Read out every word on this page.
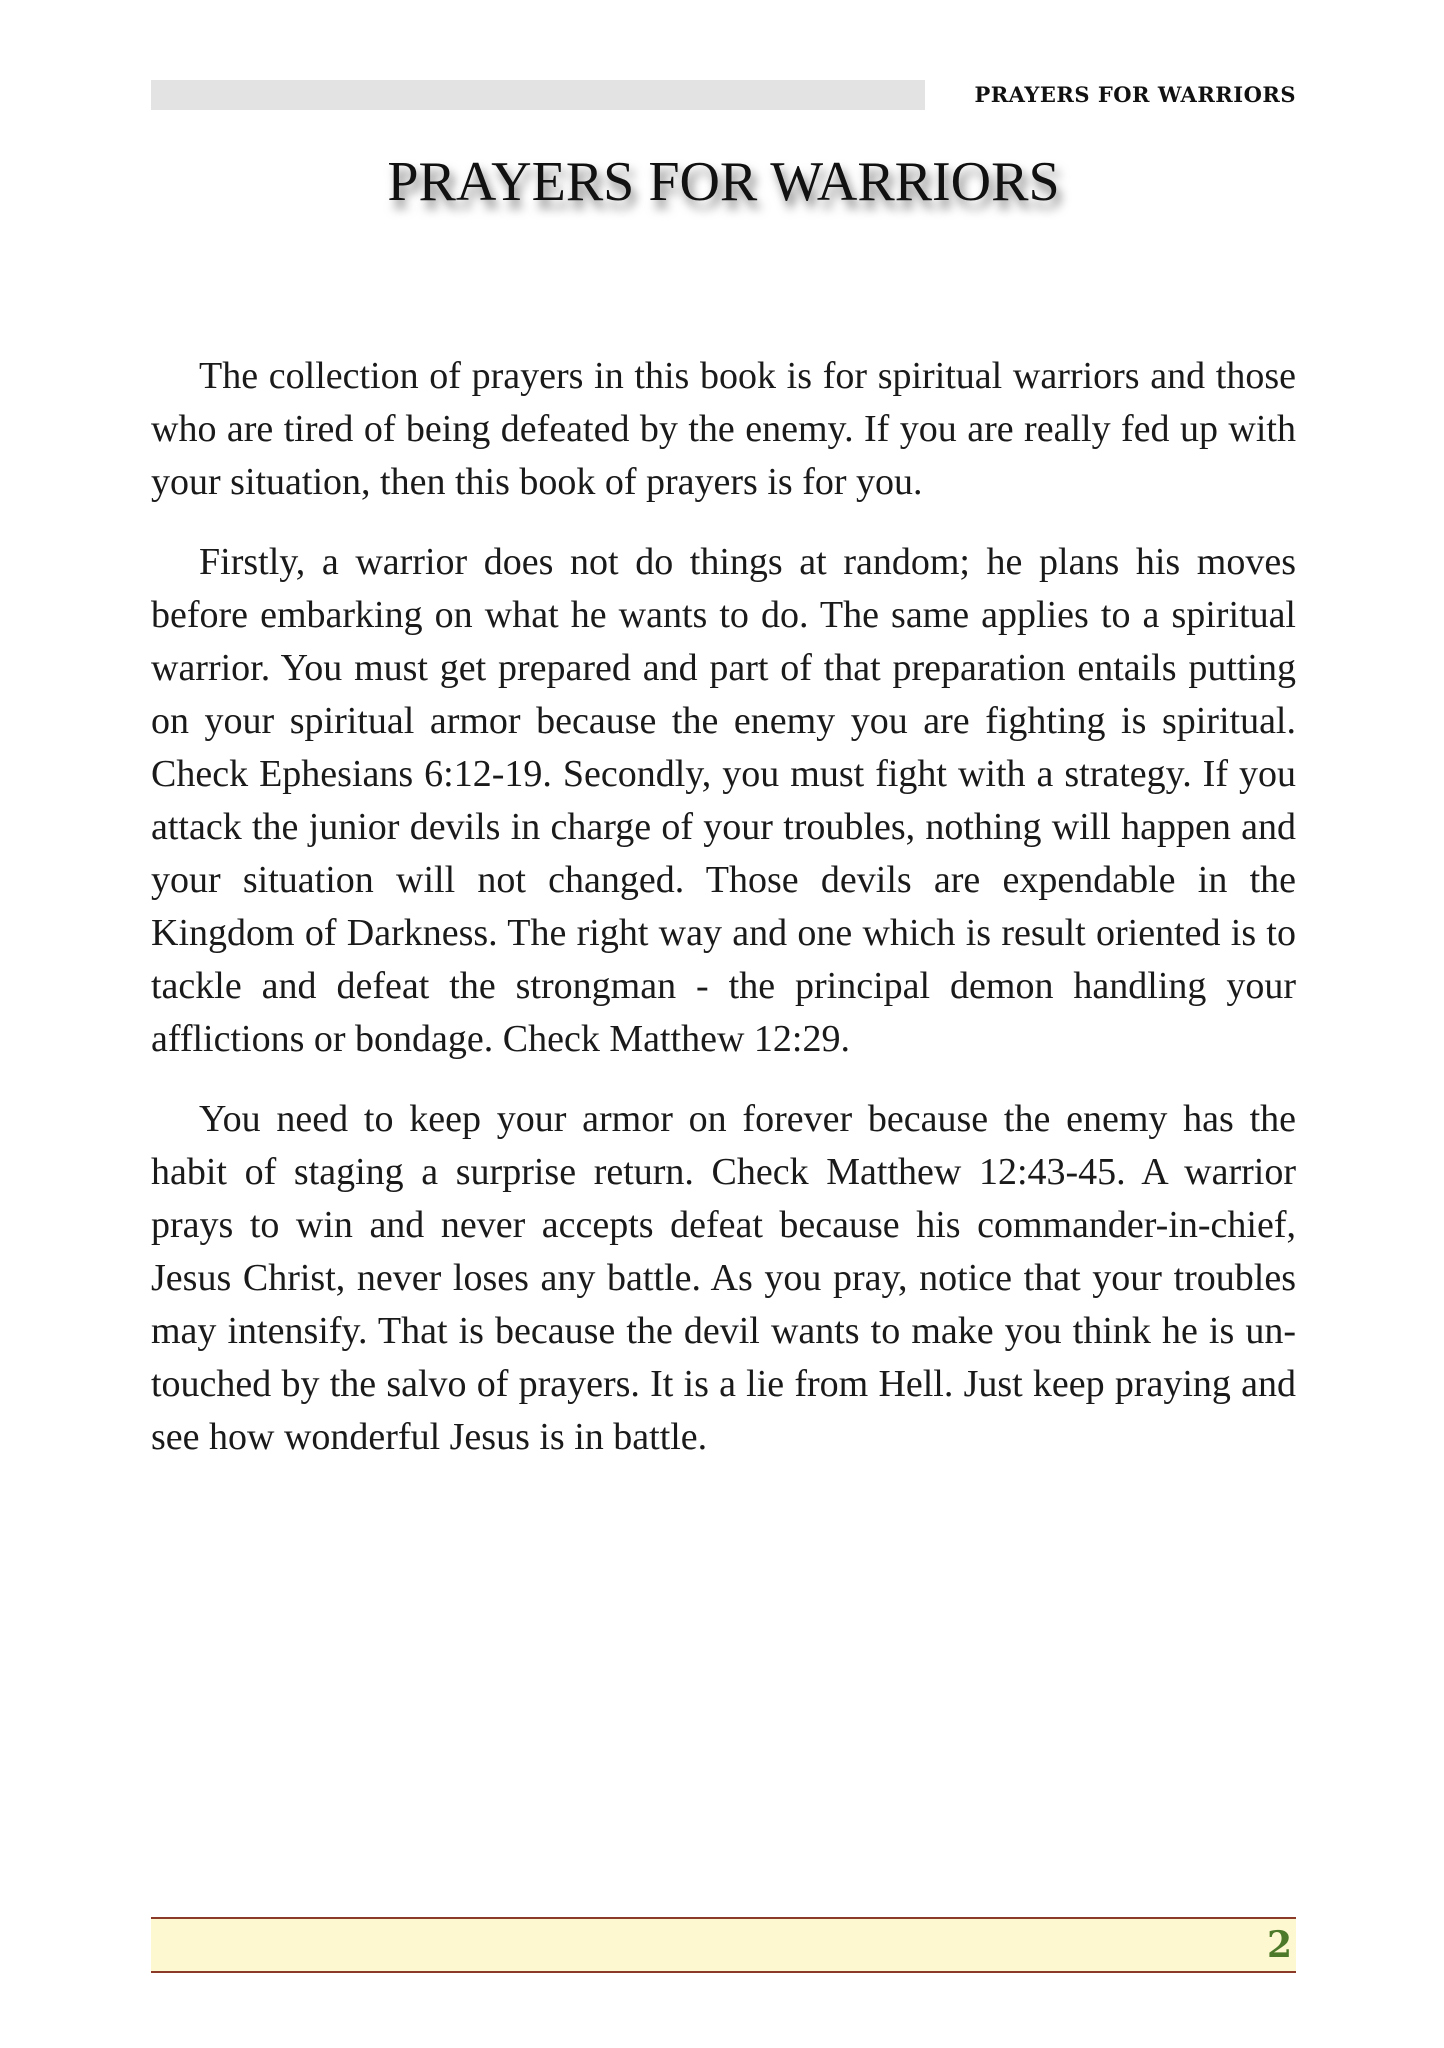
PRAYERS FOR WARRIORS
PRAYERS FOR WARRIORS

The collection of prayers in this book is for spiritual warriors and those who are tired of being defeated by the enemy. If you are really fed up with your situation, then this book of prayers is for you.

Firstly, a warrior does not do things at random; he plans his moves before embarking on what he wants to do. The same applies to a spiritual warrior. You must get prepared and part of that preparation entails putting on your spiritual armor because the enemy you are fighting is spiritual. Check Ephesians 6:12-19. Secondly, you must fight with a strategy. If you attack the junior devils in charge of your troubles, nothing will happen and your situation will not changed. Those devils are expendable in the Kingdom of Darkness. The right way and one which is result oriented is to tackle and defeat the strongman - the principal demon handling your afflictions or bondage. Check Matthew 12:29.

You need to keep your armor on forever because the enemy has the habit of staging a surprise return. Check Matthew 12:43-45. A warrior prays to win and never accepts defeat because his commander-in-chief, Jesus Christ, never loses any battle. As you pray, notice that your troubles may intensify. That is because the devil wants to make you think he is untouched by the salvo of prayers. It is a lie from Hell. Just keep praying and see how wonderful Jesus is in battle.

2
